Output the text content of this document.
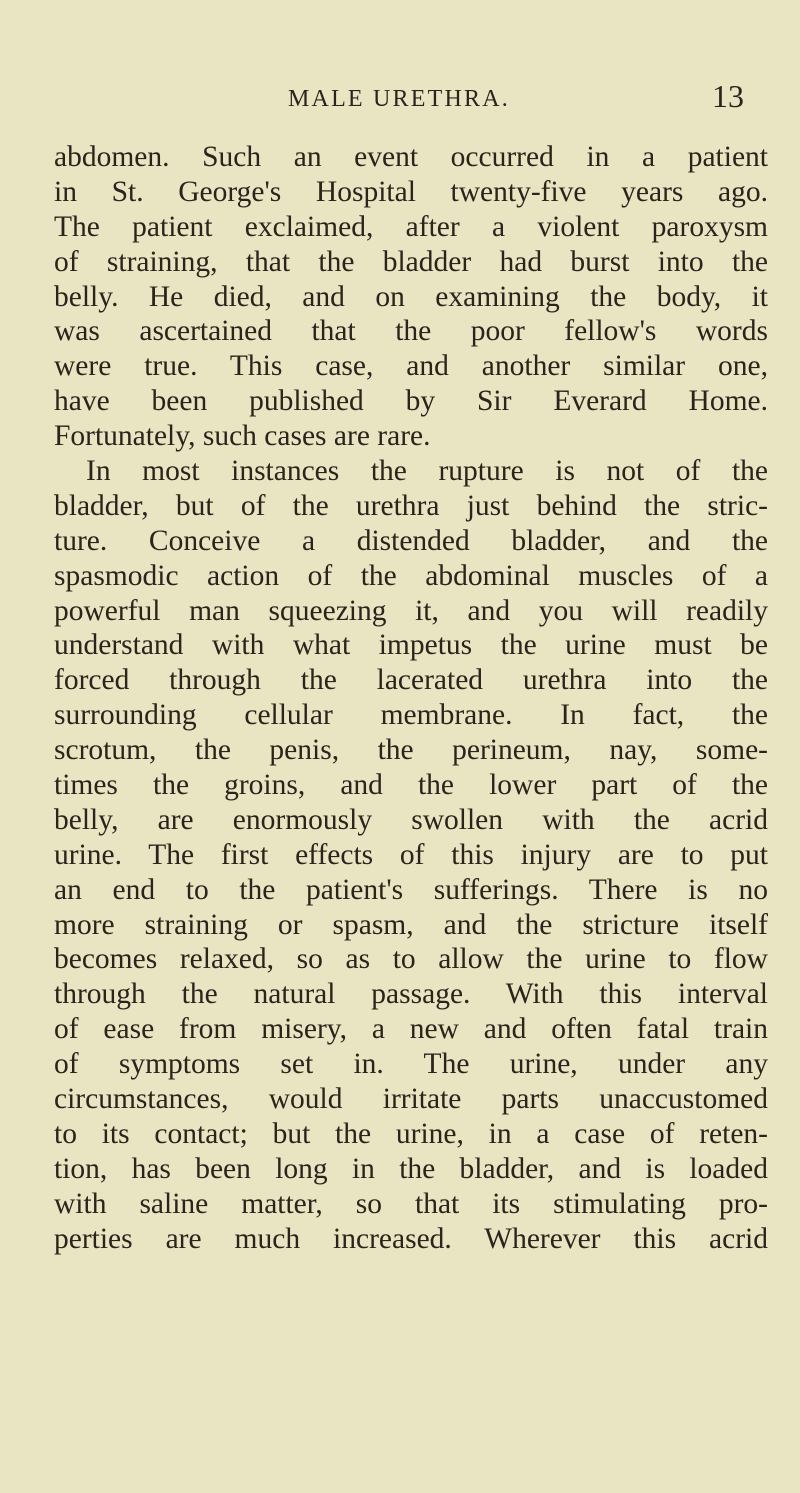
MALE URETHRA.	13
abdomen. Such an event occurred in a patient
in St. George's Hospital twenty-five years ago.
The patient exclaimed, after a violent paroxysm
of straining, that the bladder had burst into the
belly. He died, and on examining the body, it
was ascertained that the poor fellow's words
were true. This case, and another similar one,
have been published by Sir Everard Home.
Fortunately, such cases are rare.
In most instances the rupture is not of the
bladder, but of the urethra just behind the stric-
ture. Conceive a distended bladder, and the
spasmodic action of the abdominal muscles of a
powerful man squeezing it, and you will readily
understand with what impetus the urine must be
forced through the lacerated urethra into the
surrounding cellular membrane. In fact, the
scrotum, the penis, the perineum, nay, some-
times the groins, and the lower part of the
belly, are enormously swollen with the acrid
urine. The first effects of this injury are to put
an end to the patient's sufferings. There is no
more straining or spasm, and the stricture itself
becomes relaxed, so as to allow the urine to flow
through the natural passage. With this interval
of ease from misery, a new and often fatal train
of symptoms set in. The urine, under any
circumstances, would irritate parts unaccustomed
to its contact; but the urine, in a case of reten-
tion, has been long in the bladder, and is loaded
with saline matter, so that its stimulating pro-
perties are much increased. Wherever this acrid
